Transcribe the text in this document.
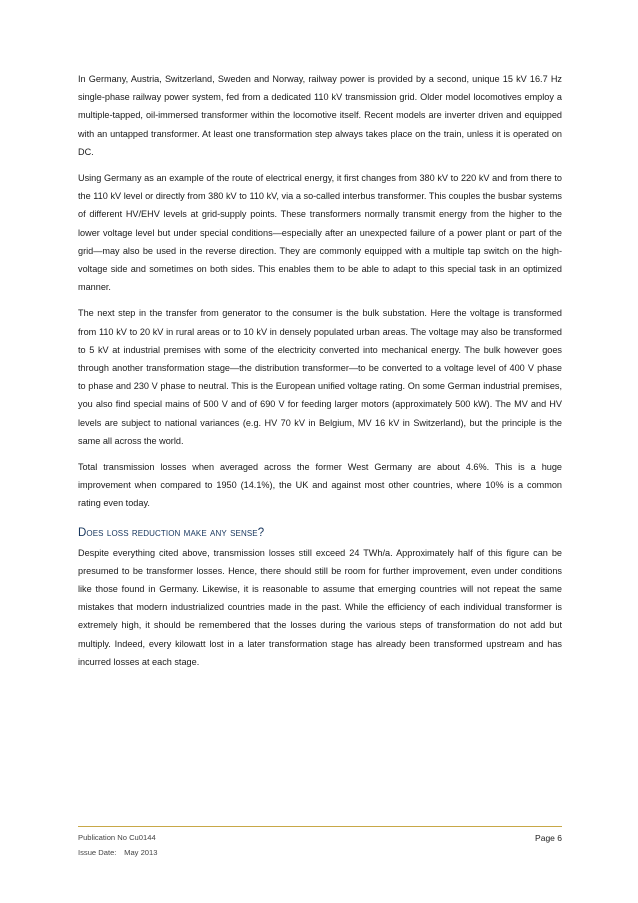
In Germany, Austria, Switzerland, Sweden and Norway, railway power is provided by a second, unique 15 kV 16.7 Hz single-phase railway power system, fed from a dedicated 110 kV transmission grid. Older model locomotives employ a multiple-tapped, oil-immersed transformer within the locomotive itself. Recent models are inverter driven and equipped with an untapped transformer. At least one transformation step always takes place on the train, unless it is operated on DC.

Using Germany as an example of the route of electrical energy, it first changes from 380 kV to 220 kV and from there to the 110 kV level or directly from 380 kV to 110 kV, via a so-called interbus transformer. This couples the busbar systems of different HV/EHV levels at grid-supply points. These transformers normally transmit energy from the higher to the lower voltage level but under special conditions—especially after an unexpected failure of a power plant or part of the grid—may also be used in the reverse direction. They are commonly equipped with a multiple tap switch on the high-voltage side and sometimes on both sides. This enables them to be able to adapt to this special task in an optimized manner.

The next step in the transfer from generator to the consumer is the bulk substation. Here the voltage is transformed from 110 kV to 20 kV in rural areas or to 10 kV in densely populated urban areas. The voltage may also be transformed to 5 kV at industrial premises with some of the electricity converted into mechanical energy. The bulk however goes through another transformation stage—the distribution transformer—to be converted to a voltage level of 400 V phase to phase and 230 V phase to neutral. This is the European unified voltage rating. On some German industrial premises, you also find special mains of 500 V and of 690 V for feeding larger motors (approximately 500 kW). The MV and HV levels are subject to national variances (e.g. HV 70 kV in Belgium, MV 16 kV in Switzerland), but the principle is the same all across the world.

Total transmission losses when averaged across the former West Germany are about 4.6%. This is a huge improvement when compared to 1950 (14.1%), the UK and against most other countries, where 10% is a common rating even today.

Does loss reduction make any sense?

Despite everything cited above, transmission losses still exceed 24 TWh/a. Approximately half of this figure can be presumed to be transformer losses. Hence, there should still be room for further improvement, even under conditions like those found in Germany. Likewise, it is reasonable to assume that emerging countries will not repeat the same mistakes that modern industrialized countries made in the past. While the efficiency of each individual transformer is extremely high, it should be remembered that the losses during the various steps of transformation do not add but multiply. Indeed, every kilowatt lost in a later transformation stage has already been transformed upstream and has incurred losses at each stage.

Publication No Cu0144	Page 6
Issue Date: May 2013
